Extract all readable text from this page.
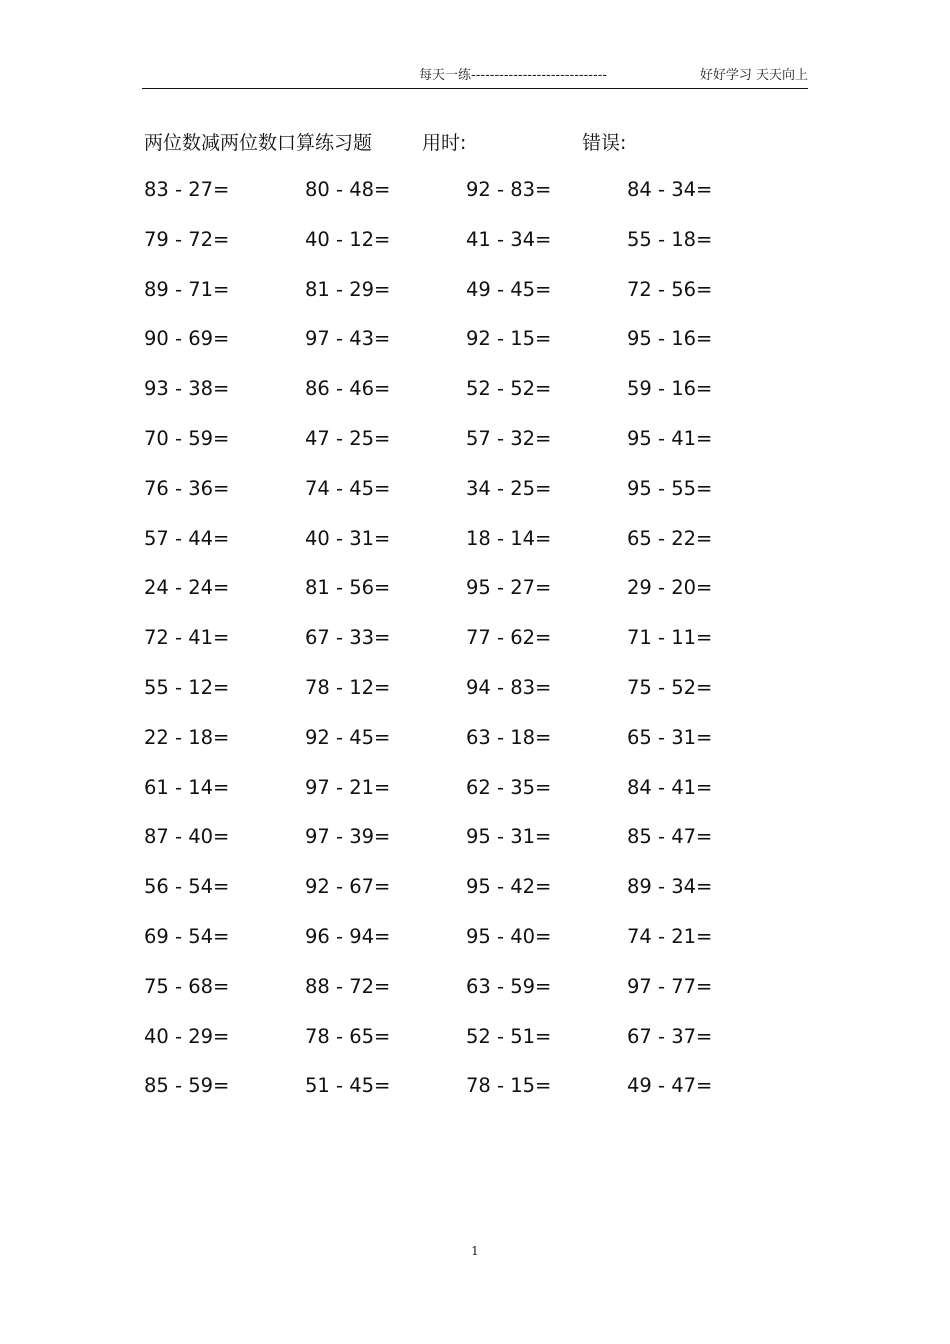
每天一练-----------------------------	好好学习 天天向上
两位数减两位数口算练习题	用时:	错误:
83 - 27=	80 - 48=	92 - 83=	84 - 34=
79 - 72=	40 - 12=	41 - 34=	55 - 18=
89 - 71=	81 - 29=	49 - 45=	72 - 56=
90 - 69=	97 - 43=	92 - 15=	95 - 16=
93 - 38=	86 - 46=	52 - 52=	59 - 16=
70 - 59=	47 - 25=	57 - 32=	95 - 41=
76 - 36=	74 - 45=	34 - 25=	95 - 55=
57 - 44=	40 - 31=	18 - 14=	65 - 22=
24 - 24=	81 - 56=	95 - 27=	29 - 20=
72 - 41=	67 - 33=	77 - 62=	71 - 11=
55 - 12=	78 - 12=	94 - 83=	75 - 52=
22 - 18=	92 - 45=	63 - 18=	65 - 31=
61 - 14=	97 - 21=	62 - 35=	84 - 41=
87 - 40=	97 - 39=	95 - 31=	85 - 47=
56 - 54=	92 - 67=	95 - 42=	89 - 34=
69 - 54=	96 - 94=	95 - 40=	74 - 21=
75 - 68=	88 - 72=	63 - 59=	97 - 77=
40 - 29=	78 - 65=	52 - 51=	67 - 37=
85 - 59=	51 - 45=	78 - 15=	49 - 47=
1
